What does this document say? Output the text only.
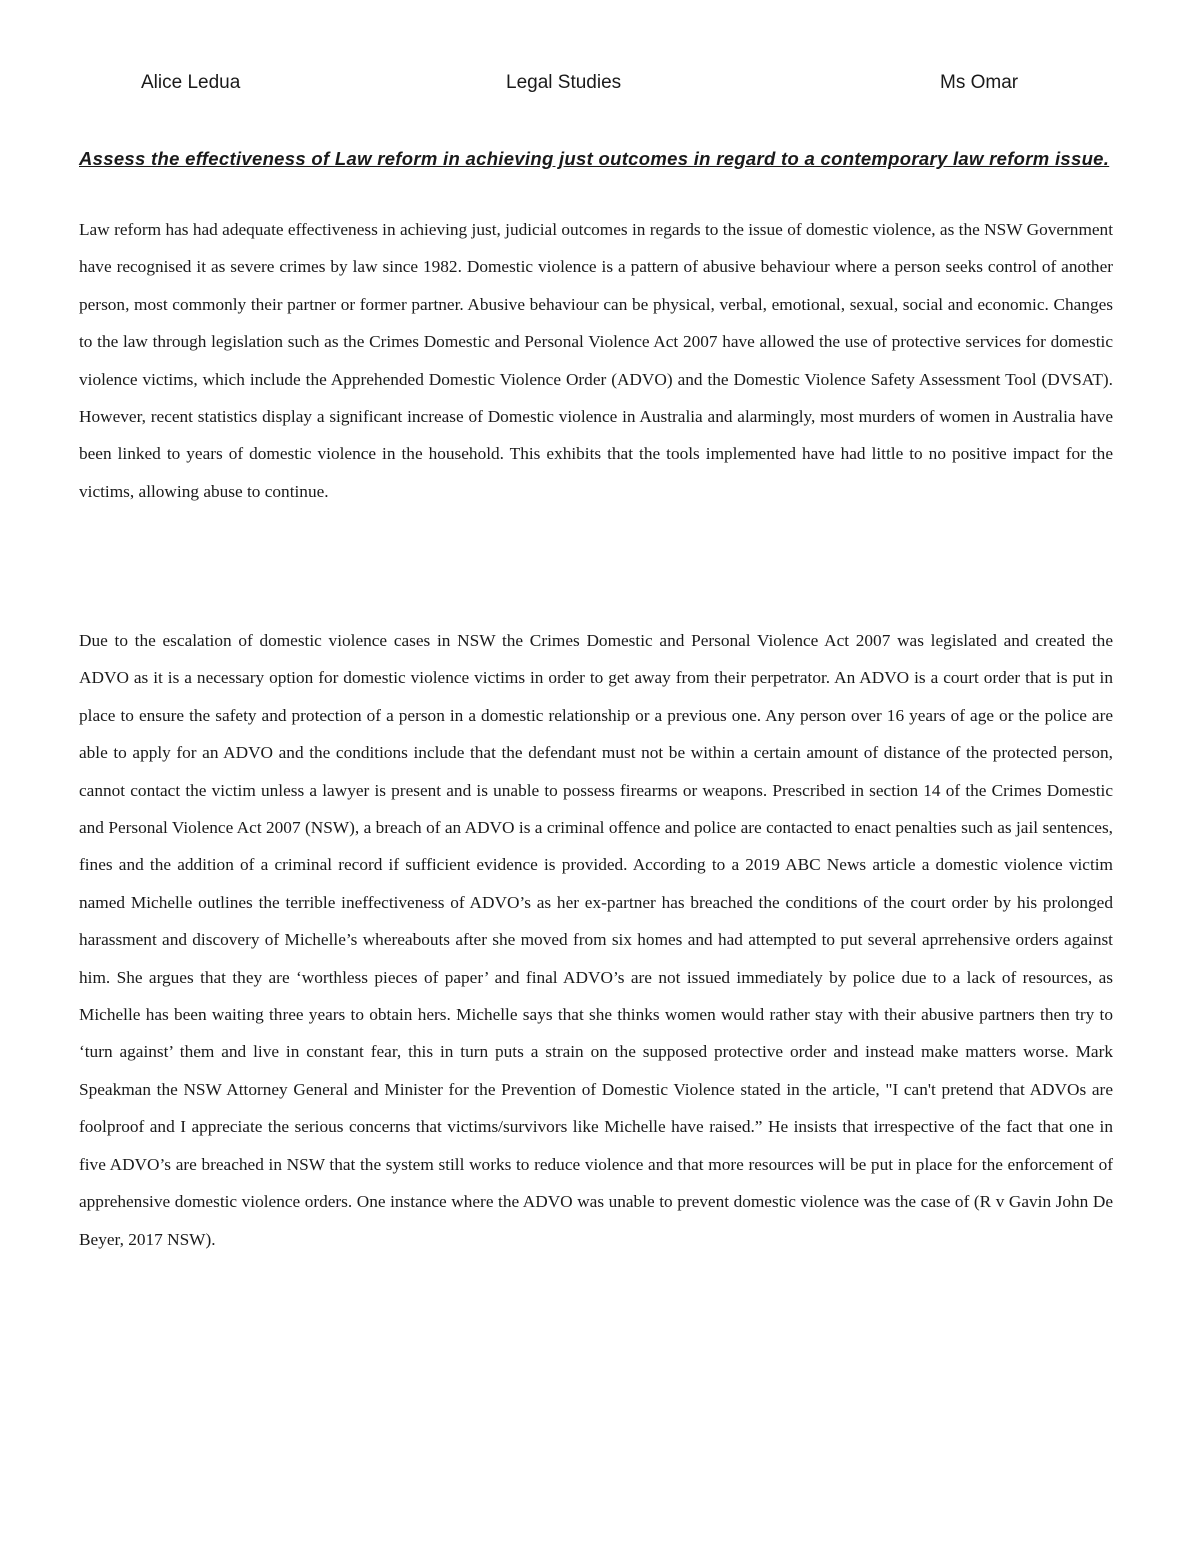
Alice Ledua	Legal Studies	Ms Omar
Assess the effectiveness of Law reform in achieving just outcomes in regard to a contemporary law reform issue.

Law reform has had adequate effectiveness in achieving just, judicial outcomes in regards to the issue of domestic violence, as the NSW Government have recognised it as severe crimes by law since 1982. Domestic violence is a pattern of abusive behaviour where a person seeks control of another person, most commonly their partner or former partner. Abusive behaviour can be physical, verbal, emotional, sexual, social and economic. Changes to the law through legislation such as the Crimes Domestic and Personal Violence Act 2007 have allowed the use of protective services for domestic violence victims, which include the Apprehended Domestic Violence Order (ADVO) and the Domestic Violence Safety Assessment Tool (DVSAT). However, recent statistics display a significant increase of Domestic violence in Australia and alarmingly, most murders of women in Australia have been linked to years of domestic violence in the household. This exhibits that the tools implemented have had little to no positive impact for the victims, allowing abuse to continue.

Due to the escalation of domestic violence cases in NSW the Crimes Domestic and Personal Violence Act 2007 was legislated and created the ADVO as it is a necessary option for domestic violence victims in order to get away from their perpetrator. An ADVO is a court order that is put in place to ensure the safety and protection of a person in a domestic relationship or a previous one. Any person over 16 years of age or the police are able to apply for an ADVO and the conditions include that the defendant must not be within a certain amount of distance of the protected person, cannot contact the victim unless a lawyer is present and is unable to possess firearms or weapons. Prescribed in section 14 of the Crimes Domestic and Personal Violence Act 2007 (NSW), a breach of an ADVO is a criminal offence and police are contacted to enact penalties such as jail sentences, fines and the addition of a criminal record if sufficient evidence is provided. According to a 2019 ABC News article a domestic violence victim named Michelle outlines the terrible ineffectiveness of ADVO’s as her ex-partner has breached the conditions of the court order by his prolonged harassment and discovery of Michelle’s whereabouts after she moved from six homes and had attempted to put several aprrehensive orders against him. She argues that they are ‘worthless pieces of paper’ and final ADVO’s are not issued immediately by police due to a lack of resources, as Michelle has been waiting three years to obtain hers. Michelle says that she thinks women would rather stay with their abusive partners then try to ‘turn against’ them and live in constant fear, this in turn puts a strain on the supposed protective order and instead make matters worse. Mark Speakman the NSW Attorney General and Minister for the Prevention of Domestic Violence stated in the article, "I can't pretend that ADVOs are foolproof and I appreciate the serious concerns that victims/survivors like Michelle have raised.” He insists that irrespective of the fact that one in five ADVO’s are breached in NSW that the system still works to reduce violence and that more resources will be put in place for the enforcement of apprehensive domestic violence orders. One instance where the ADVO was unable to prevent domestic violence was the case of (R v Gavin John De Beyer, 2017 NSW).
